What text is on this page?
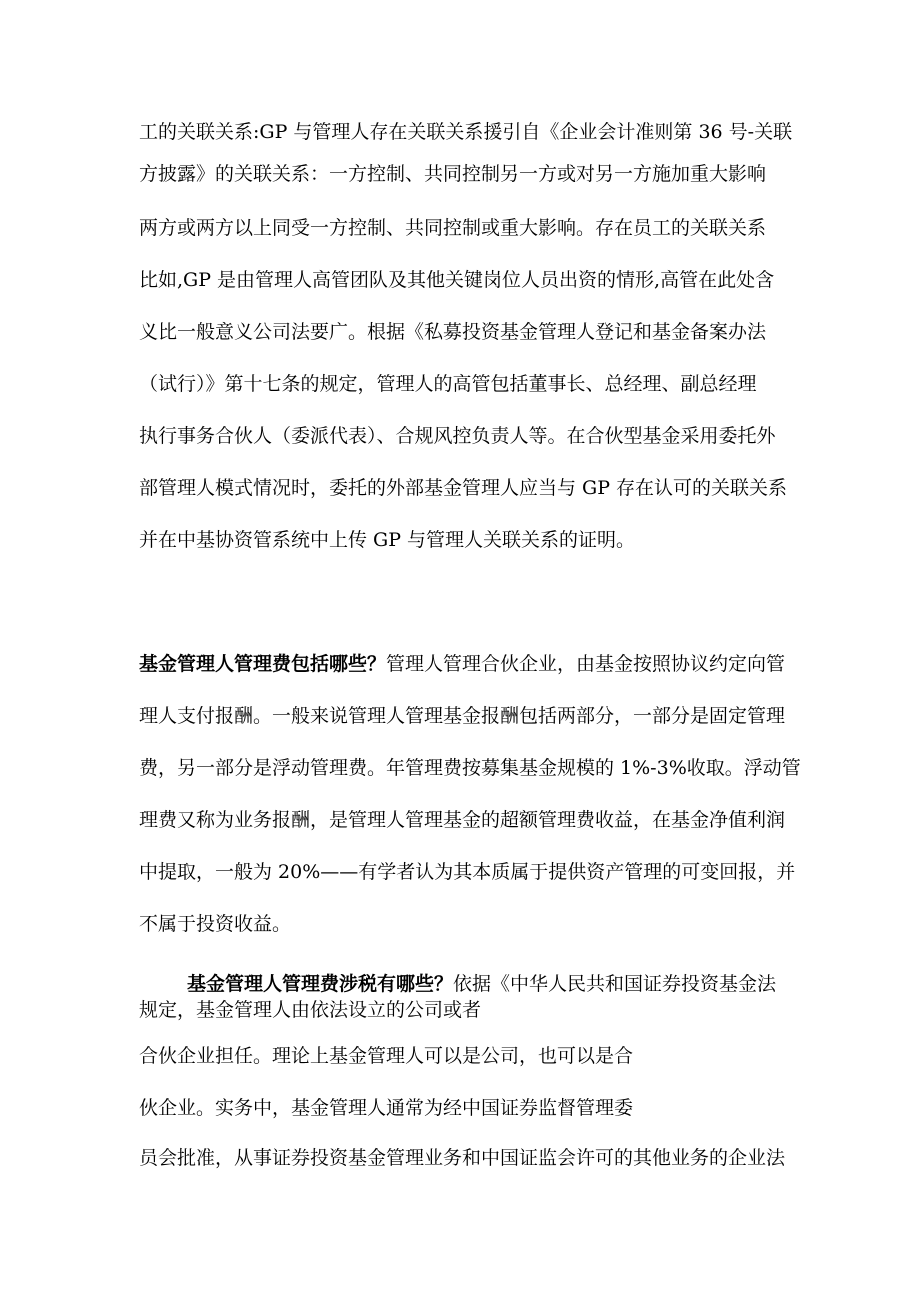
工的关联关系:GP 与管理人存在关联关系援引自《企业会计准则第 36 号-关联
方披露》的关联关系：一方控制、共同控制另一方或对另一方施加重大影响
两方或两方以上同受一方控制、共同控制或重大影响。存在员工的关联关系
比如,GP 是由管理人高管团队及其他关键岗位人员出资的情形,高管在此处含
义比一般意义公司法要广。根据《私募投资基金管理人登记和基金备案办法
（试行）》第十七条的规定，管理人的高管包括董事长、总经理、副总经理
执行事务合伙人（委派代表）、合规风控负责人等。在合伙型基金采用委托外
部管理人模式情况时，委托的外部基金管理人应当与 GP 存在认可的关联关系
并在中基协资管系统中上传 GP 与管理人关联关系的证明。
基金管理人管理费包括哪些？管理人管理合伙企业，由基金按照协议约定向管
理人支付报酬。一般来说管理人管理基金报酬包括两部分，一部分是固定管理
费，另一部分是浮动管理费。年管理费按募集基金规模的 1%-3%收取。浮动管
理费又称为业务报酬，是管理人管理基金的超额管理费收益，在基金净值利润
中提取，一般为 20%——有学者认为其本质属于提供资产管理的可变回报，并
不属于投资收益。
基金管理人管理费涉税有哪些？依据《中华人民共和国证券投资基金法
规定，基金管理人由依法设立的公司或者
合伙企业担任。理论上基金管理人可以是公司，也可以是合
伙企业。实务中，基金管理人通常为经中国证券监督管理委
员会批准，从事证券投资基金管理业务和中国证监会许可的其他业务的企业法
